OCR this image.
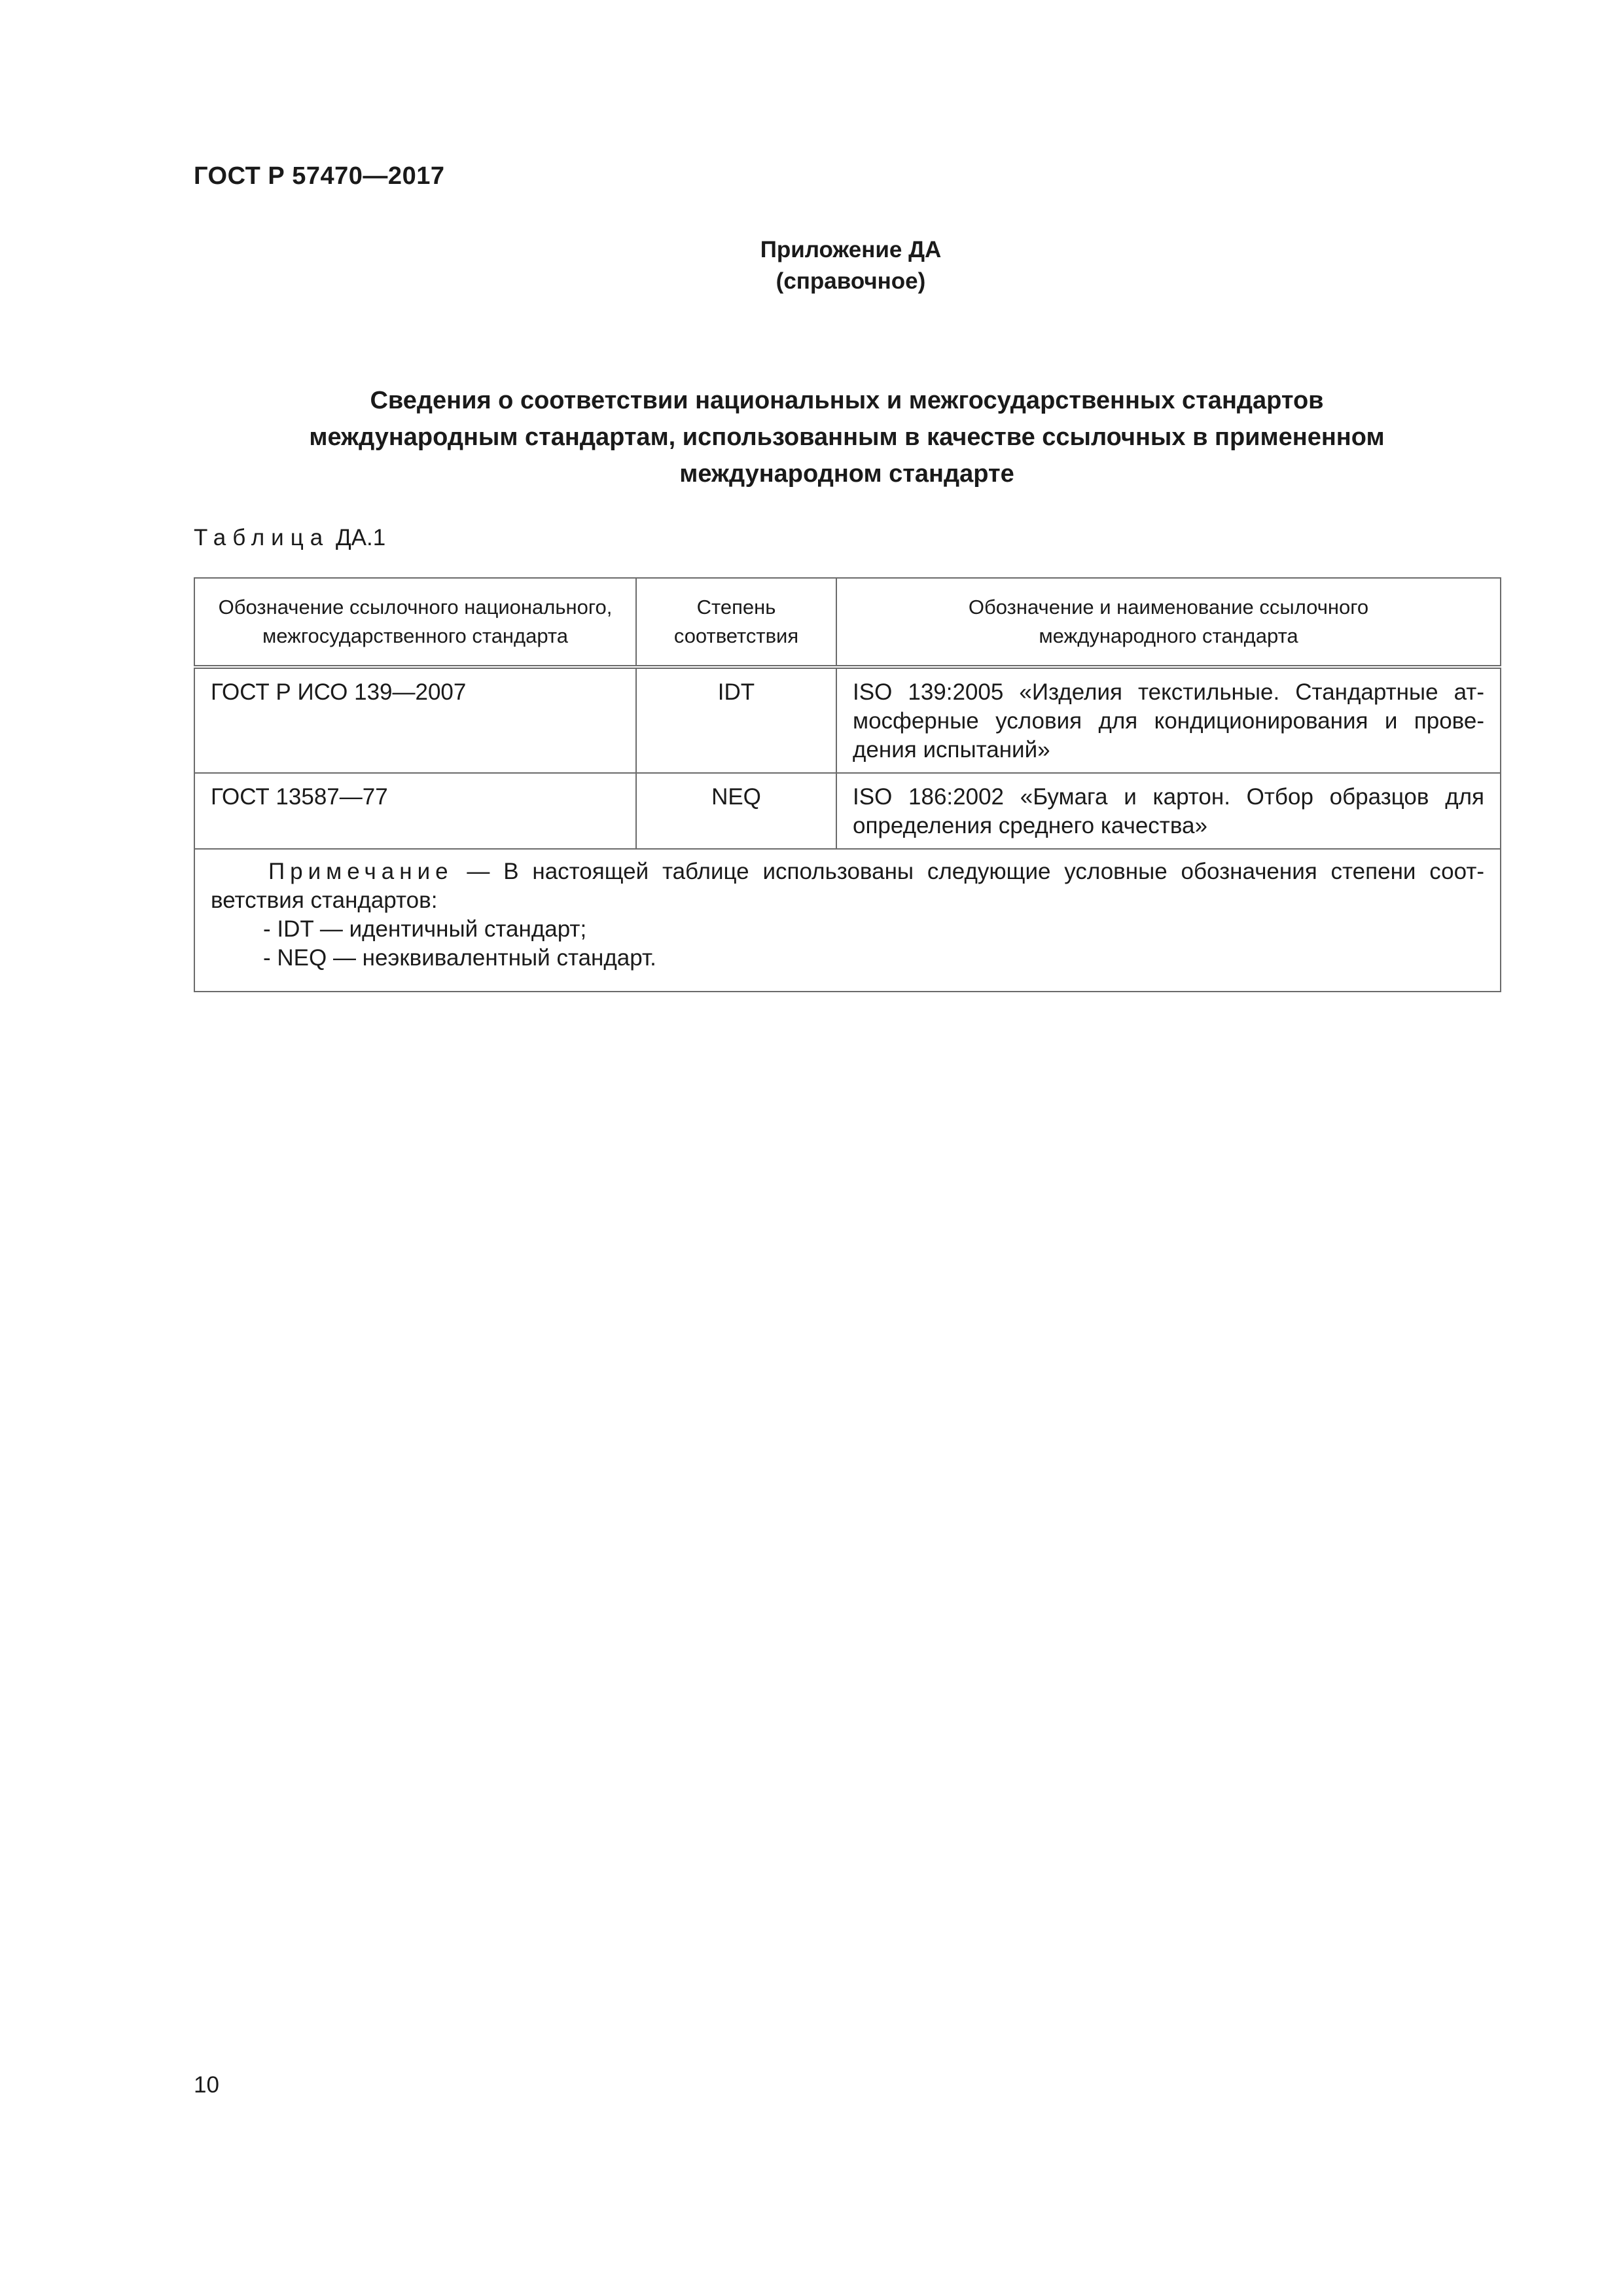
ГОСТ Р 57470—2017
Приложение ДА
(справочное)
Сведения о соответствии национальных и межгосударственных стандартов
международным стандартам, использованным в качестве ссылочных в примененном
международном стандарте
Таблица ДА.1
Обозначение ссылочного национального, межгосударственного стандарта	Степень соответствия	Обозначение и наименование ссылочного международного стандарта
ГОСТ Р ИСО 139—2007	IDT	ISO 139:2005 «Изделия текстильные. Стандартные атмосферные условия для кондиционирования и проведения испытаний»
ГОСТ 13587—77	NEQ	ISO 186:2002 «Бумага и картон. Отбор образцов для определения среднего качества»

Примечание — В настоящей таблице использованы следующие условные обозначения степени соответствия стандартов:
- IDT — идентичный стандарт;
- NEQ — неэквивалентный стандарт.		
10
